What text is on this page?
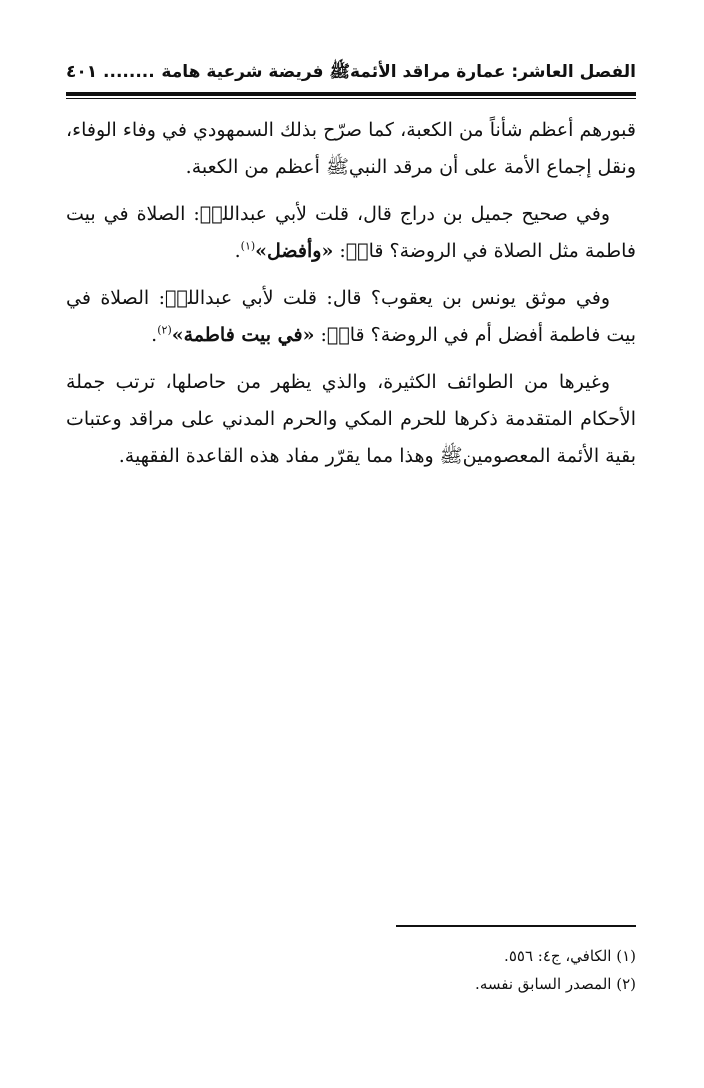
الفصل العاشر: عمارة مراقد الأئمةﷺ فريضة شرعية هامة
........ ٤٠١

قبورهم أعظم شأناً من الكعبة، كما صرّح بذلك السمهودي في وفاء الوفاء، ونقل إجماع الأمة على أن مرقد النبيﷺ أعظم من الكعبة.

وفي صحيح جميل بن دراج قال، قلت لأبي عبداللهؑ: الصلاة في بيت فاطمة مثل الصلاة في الروضة؟ قالؑ: «وأفضل»$^{(١)}$.

وفي موثق يونس بن يعقوب؟ قال: قلت لأبي عبداللهؑ: الصلاة في بيت فاطمة أفضل أم في الروضة؟ قالؑ: «في بيت فاطمة»$^{(٢)}$.

وغيرها من الطوائف الكثيرة، والذي يظهر من حاصلها، ترتب جملة الأحكام المتقدمة ذكرها للحرم المكي والحرم المدني على مراقد وعتبات بقية الأئمة المعصومينﷺ وهذا مما يقرّر مفاد هذه القاعدة الفقهية.

(١) الكافي، ج٤: ٥٥٦.
(٢) المصدر السابق نفسه.
